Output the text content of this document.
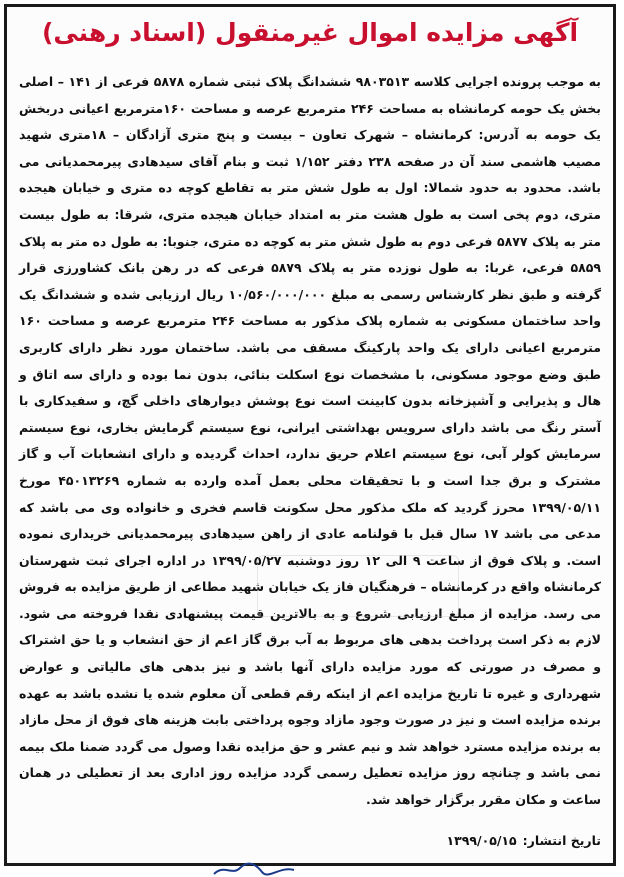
آگهی مزایده اموال غیرمنقول (اسناد رهنی)
به موجب پرونده اجرایی کلاسه ۹۸۰۳۵۱۳ ششدانگ پلاک ثبتی شماره ۵۸۷۸ فرعی از ۱۴۱ – اصلی بخش یک حومه کرمانشاه به مساحت ۲۴۶ مترمربع عرصه و مساحت ۱۶۰مترمربع اعیانی دربخش یک حومه به آدرس: کرمانشاه – شهرک تعاون – بیست و پنج متری آزادگان – ۱۸متری شهید مصیب هاشمی سند آن در صفحه ۲۳۸ دفتر ۱/۱۵۲ ثبت و بنام آقای سیدهادی پیرمحمدیانی می باشد. محدود به حدود شمالا: اول به طول شش متر به تقاطع کوچه ده متری و خیابان هیجده متری، دوم پخی است به طول هشت متر به امتداد خیابان هیجده متری، شرقا: به طول بیست متر به پلاک ۵۸۷۷ فرعی دوم به طول شش متر به کوچه ده متری، جنوبا: به طول ده متر به پلاک ۵۸۵۹ فرعی، غربا: به طول نوزده متر به پلاک ۵۸۷۹ فرعی که در رهن بانک کشاورزی قرار گرفته و طبق نظر کارشناس رسمی به مبلغ ۱۰/۵۶۰/۰۰۰/۰۰۰ ریال ارزیابی شده و ششدانگ یک واحد ساختمان مسکونی به شماره پلاک مذکور به مساحت ۲۴۶ مترمربع عرصه و مساحت ۱۶۰ مترمربع اعیانی دارای یک واحد پارکینگ مسقف می باشد. ساختمان مورد نظر دارای کاربری طبق وضع موجود مسکونی، با مشخصات نوع اسکلت بنائی، بدون نما بوده و دارای سه اتاق و هال و پذیرایی و آشپزخانه بدون کابینت است نوع پوشش دیوارهای داخلی گچ، و سفیدکاری با آستر رنگ می باشد دارای سرویس بهداشتی ایرانی، نوع سیستم گرمایش بخاری، نوع سیستم سرمایش کولر آبی، نوع سیستم اعلام حریق ندارد، احداث گردیده و دارای انشعابات آب و گاز مشترک و برق جدا است و با تحقیقات محلی بعمل آمده وارده به شماره ۴۵۰۱۳۲۶۹ مورخ ۱۳۹۹/۰۵/۱۱ محرز گردید که ملک مذکور محل سکونت قاسم فخری و خانواده وی می باشد که مدعی می باشد ۱۷ سال قبل با قولنامه عادی از راهن سیدهادی پیرمحمدیانی خریداری نموده است. و پلاک فوق از ساعت ۹ الی ۱۲ روز دوشنبه ۱۳۹۹/۰۵/۲۷ در اداره اجرای ثبت شهرستان کرمانشاه واقع در کرمانشاه – فرهنگیان فاز یک خیابان شهید مطاعی از طریق مزایده به فروش می رسد. مزایده از مبلغ ارزیابی شروع و به بالاترین قیمت پیشنهادی نقدا فروخته می شود. لازم به ذکر است پرداخت بدهی های مربوط به آب برق گاز اعم از حق انشعاب و یا حق اشتراک و مصرف در صورتی که مورد مزایده دارای آنها باشد و نیز بدهی های مالیاتی و عوارض شهرداری و غیره تا تاریخ مزایده اعم از اینکه رقم قطعی آن معلوم شده یا نشده باشد به عهده برنده مزایده است و نیز در صورت وجود مازاد وجوه پرداختی بابت هزینه های فوق از محل مازاد به برنده مزایده مسترد خواهد شد و نیم عشر و حق مزایده نقدا وصول می گردد ضمنا ملک بیمه نمی باشد و چنانچه روز مزایده تعطیل رسمی گردد مزایده روز اداری بعد از تعطیلی در همان ساعت و مکان مقرر برگزار خواهد شد.
تاریخ انتشار:۱۳۹۹/۰۵/۱۵
